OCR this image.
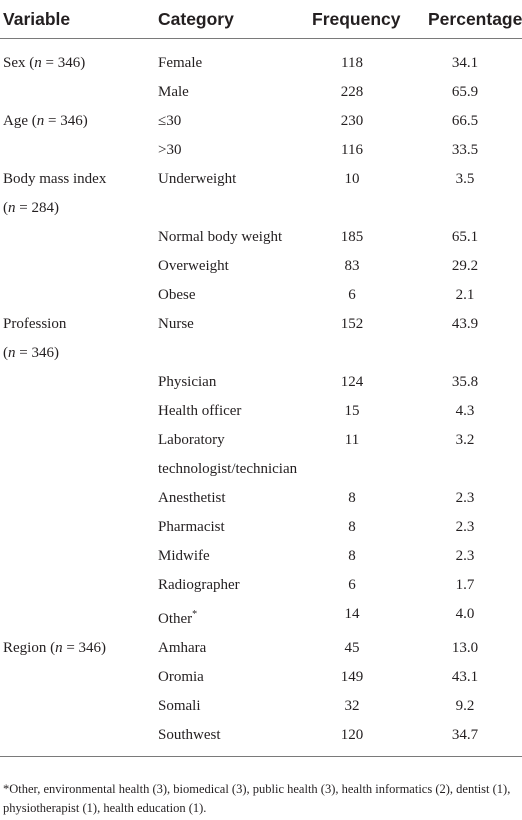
Variable	Category	Frequency	Percentage
Sex (n = 346)	Female	118	34.1
	Male	228	65.9
Age (n = 346)	≤30	230	66.5
	>30	116	33.5
Body mass index
(n = 284)	Underweight	10	3.5
	Normal body weight	185	65.1
	Overweight	83	29.2
	Obese	6	2.1
Profession
(n = 346)	Nurse	152	43.9
	Physician	124	35.8
	Health officer	15	4.3
	Laboratory technologist/technician	11	3.2
	Anesthetist	8	2.3
	Pharmacist	8	2.3
	Midwife	8	2.3
	Radiographer	6	1.7
	Other*	14	4.0
Region (n = 346)	Amhara	45	13.0
	Oromia	149	43.1
	Somali	32	9.2
	Southwest	120	34.7
*Other, environmental health (3), biomedical (3), public health (3), health informatics (2), dentist (1), physiotherapist (1), health education (1).
